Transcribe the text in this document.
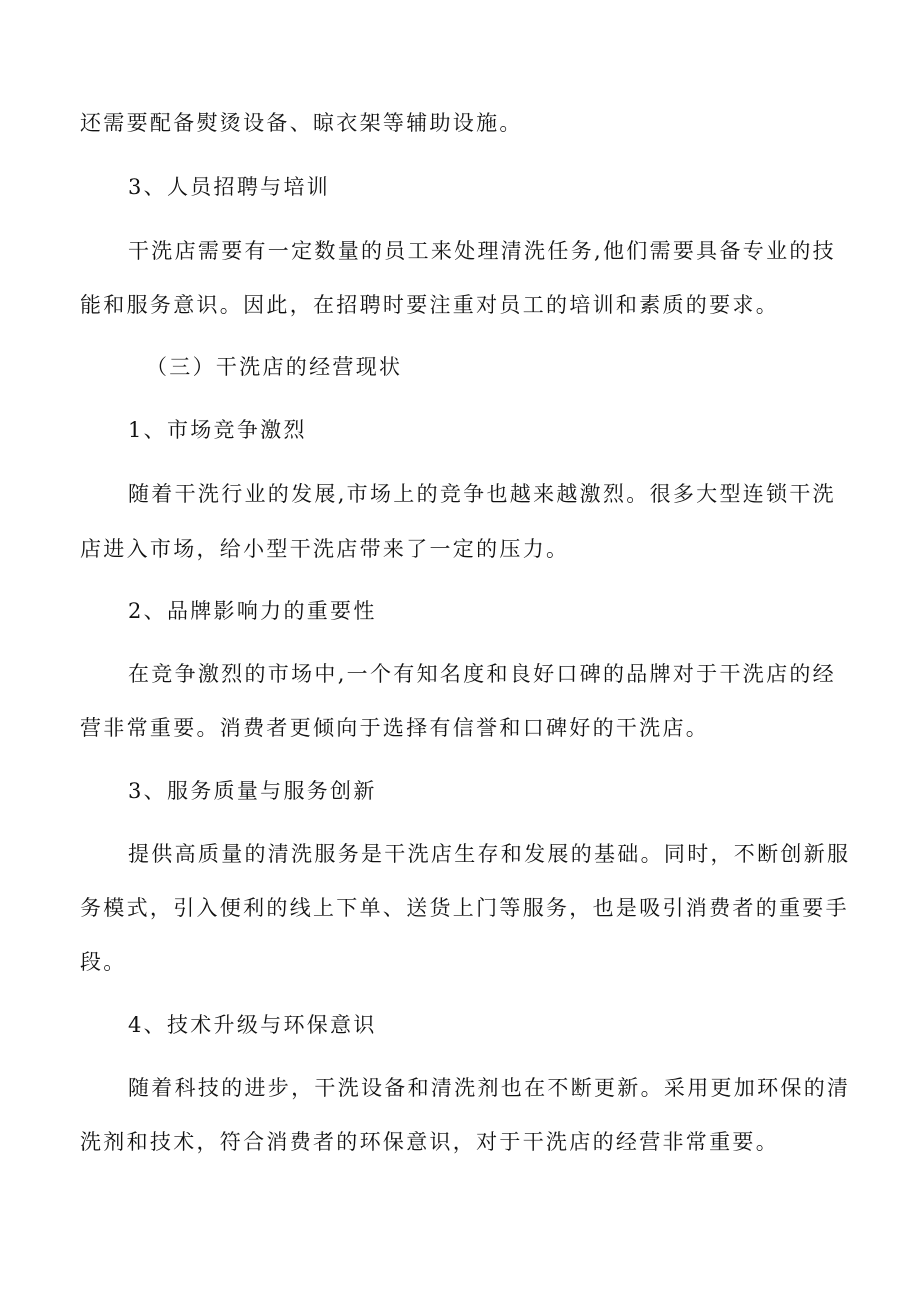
还需要配备熨烫设备、晾衣架等辅助设施。
3、人员招聘与培训
干洗店需要有一定数量的员工来处理清洗任务,他们需要具备专业的技
能和服务意识。因此，在招聘时要注重对员工的培训和素质的要求。
（三）干洗店的经营现状
1、市场竞争激烈
随着干洗行业的发展,市场上的竞争也越来越激烈。很多大型连锁干洗
店进入市场，给小型干洗店带来了一定的压力。
2、品牌影响力的重要性
在竞争激烈的市场中,一个有知名度和良好口碑的品牌对于干洗店的经
营非常重要。消费者更倾向于选择有信誉和口碑好的干洗店。
3、服务质量与服务创新
提供高质量的清洗服务是干洗店生存和发展的基础。同时，不断创新服
务模式，引入便利的线上下单、送货上门等服务，也是吸引消费者的重要手
段。
4、技术升级与环保意识
随着科技的进步，干洗设备和清洗剂也在不断更新。采用更加环保的清
洗剂和技术，符合消费者的环保意识，对于干洗店的经营非常重要。
